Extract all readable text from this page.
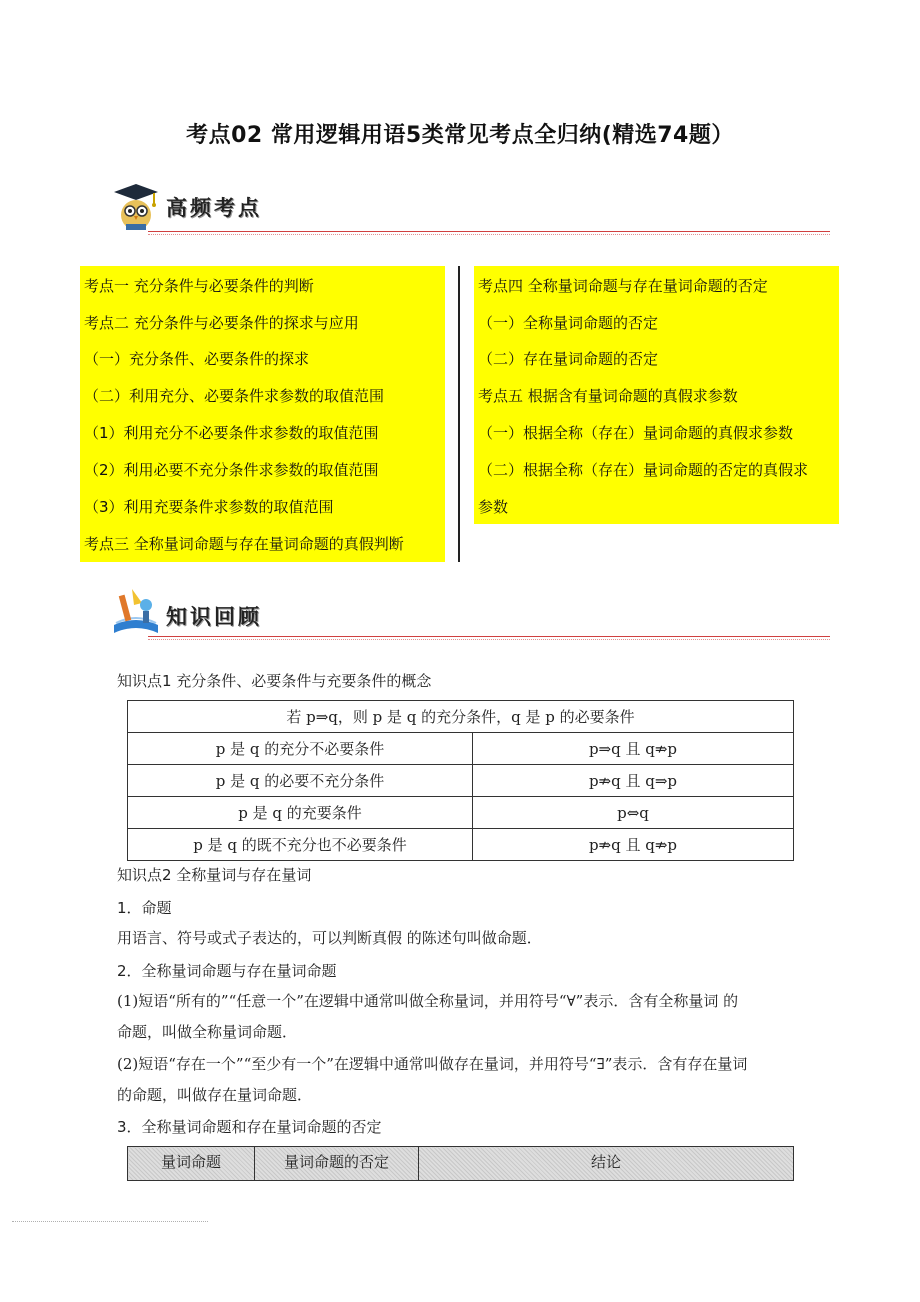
考点02 常用逻辑用语5类常见考点全归纳(精选74题）
高频考点
考点一 充分条件与必要条件的判断
考点二 充分条件与必要条件的探求与应用
（一）充分条件、必要条件的探求
（二）利用充分、必要条件求参数的取值范围
（1）利用充分不必要条件求参数的取值范围
（2）利用必要不充分条件求参数的取值范围
（3）利用充要条件求参数的取值范围
考点三 全称量词命题与存在量词命题的真假判断
考点四 全称量词命题与存在量词命题的否定
（一）全称量词命题的否定
（二）存在量词命题的否定
考点五 根据含有量词命题的真假求参数
（一）根据全称（存在）量词命题的真假求参数
（二）根据全称（存在）量词命题的否定的真假求
参数
知识回顾
知识点1 充分条件、必要条件与充要条件的概念
若 p⇒q，则 p 是 q 的充分条件，q 是 p 的必要条件	
p 是 q 的充分不必要条件	p⇒q 且 q⇏p
p 是 q 的必要不充分条件	p⇏q 且 q⇒p
p 是 q 的充要条件	p⇔q
p 是 q 的既不充分也不必要条件	p⇏q 且 q⇏p
知识点2 全称量词与存在量词
1．命题
用语言、符号或式子表达的，可以判断真假 的陈述句叫做命题．
2．全称量词命题与存在量词命题
(1)短语“所有的”“任意一个”在逻辑中通常叫做全称量词，并用符号“∀”表示．含有全称量词 的
命题，叫做全称量词命题．
(2)短语“存在一个”“至少有一个”在逻辑中通常叫做存在量词，并用符号“∃”表示．含有存在量词
的命题，叫做存在量词命题．
3．全称量词命题和存在量词命题的否定
量词命题	量词命题的否定	结论
